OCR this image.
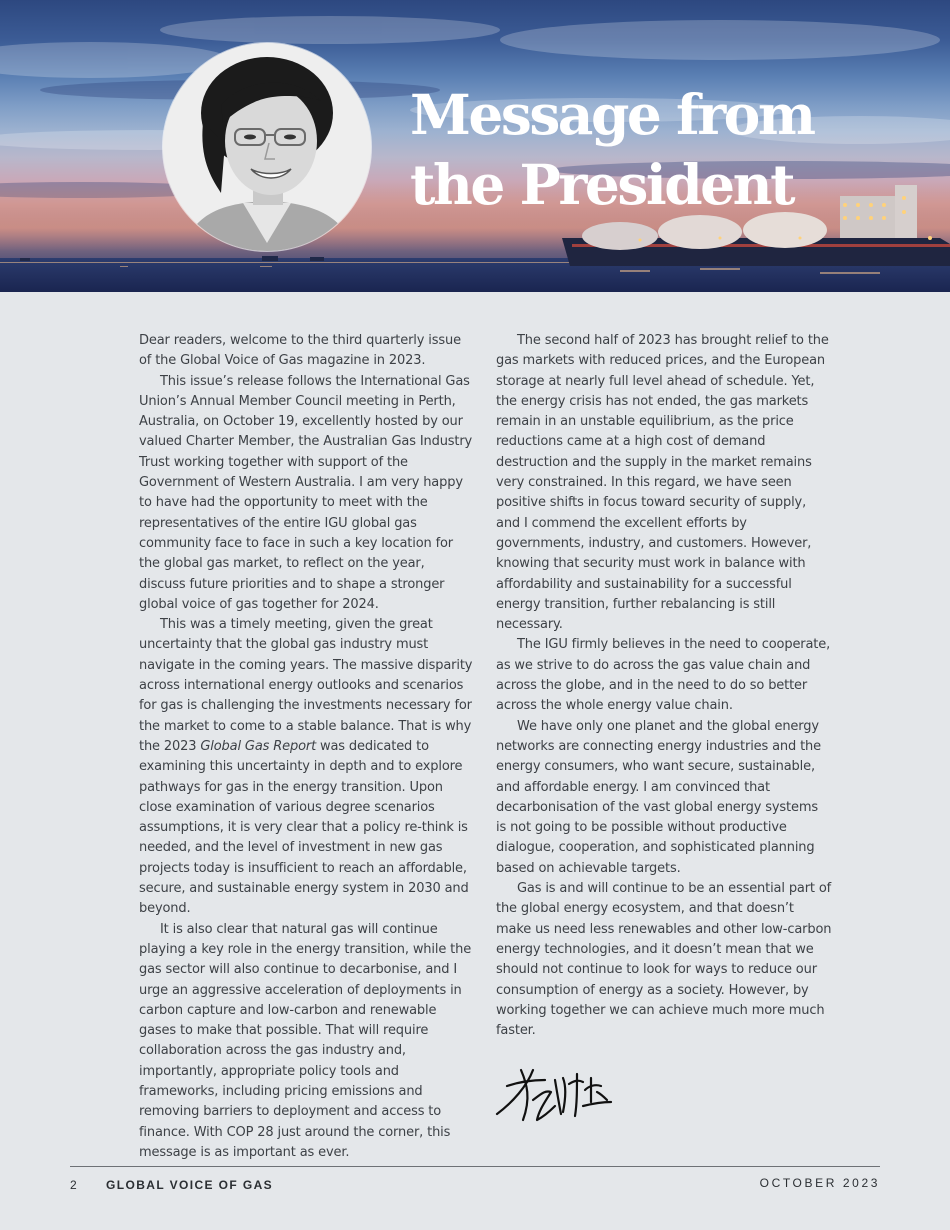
Message from
the President

Dear readers, welcome to the third quarterly issue of the Global Voice of Gas magazine in 2023.

This issue’s release follows the International Gas Union’s Annual Member Council meeting in Perth, Australia, on October 19, excellently hosted by our valued Charter Member, the Australian Gas Industry Trust working together with support of the Government of Western Australia. I am very happy to have had the opportunity to meet with the representatives of the entire IGU global gas community face to face in such a key location for the global gas market, to reflect on the year, discuss future priorities and to shape a stronger global voice of gas together for 2024.

This was a timely meeting, given the great uncertainty that the global gas industry must navigate in the coming years. The massive disparity across international energy outlooks and scenarios for gas is challenging the investments necessary for the market to come to a stable balance. That is why the 2023 Global Gas Report was dedicated to examining this uncertainty in depth and to explore pathways for gas in the energy transition. Upon close examination of various degree scenarios assumptions, it is very clear that a policy re-think is needed, and the level of investment in new gas projects today is insufficient to reach an affordable, secure, and sustainable energy system in 2030 and beyond.

It is also clear that natural gas will continue playing a key role in the energy transition, while the gas sector will also continue to decarbonise, and I urge an aggressive acceleration of deployments in carbon capture and low-carbon and renewable gases to make that possible. That will require collaboration across the gas industry and, importantly, appropriate policy tools and frameworks, including pricing emissions and removing barriers to deployment and access to finance. With COP 28 just around the corner, this message is as important as ever.

The second half of 2023 has brought relief to the gas markets with reduced prices, and the European storage at nearly full level ahead of schedule. Yet, the energy crisis has not ended, the gas markets remain in an unstable equilibrium, as the price reductions came at a high cost of demand destruction and the supply in the market remains very constrained. In this regard, we have seen positive shifts in focus toward security of supply, and I commend the excellent efforts by governments, industry, and customers. However, knowing that security must work in balance with affordability and sustainability for a successful energy transition, further rebalancing is still necessary.

The IGU firmly believes in the need to cooperate, as we strive to do across the gas value chain and across the globe, and in the need to do so better across the whole energy value chain.

We have only one planet and the global energy networks are connecting energy industries and the energy consumers, who want secure, sustainable, and affordable energy. I am convinced that decarbonisation of the vast global energy systems is not going to be possible without productive dialogue, cooperation, and sophisticated planning based on achievable targets.

Gas is and will continue to be an essential part of the global energy ecosystem, and that doesn’t make us need less renewables and other low-carbon energy technologies, and it doesn’t mean that we should not continue to look for ways to reduce our consumption of energy as a society. However, by working together we can achieve much more much faster.

2 GLOBAL VOICE OF GAS	OCTOBER 2023
